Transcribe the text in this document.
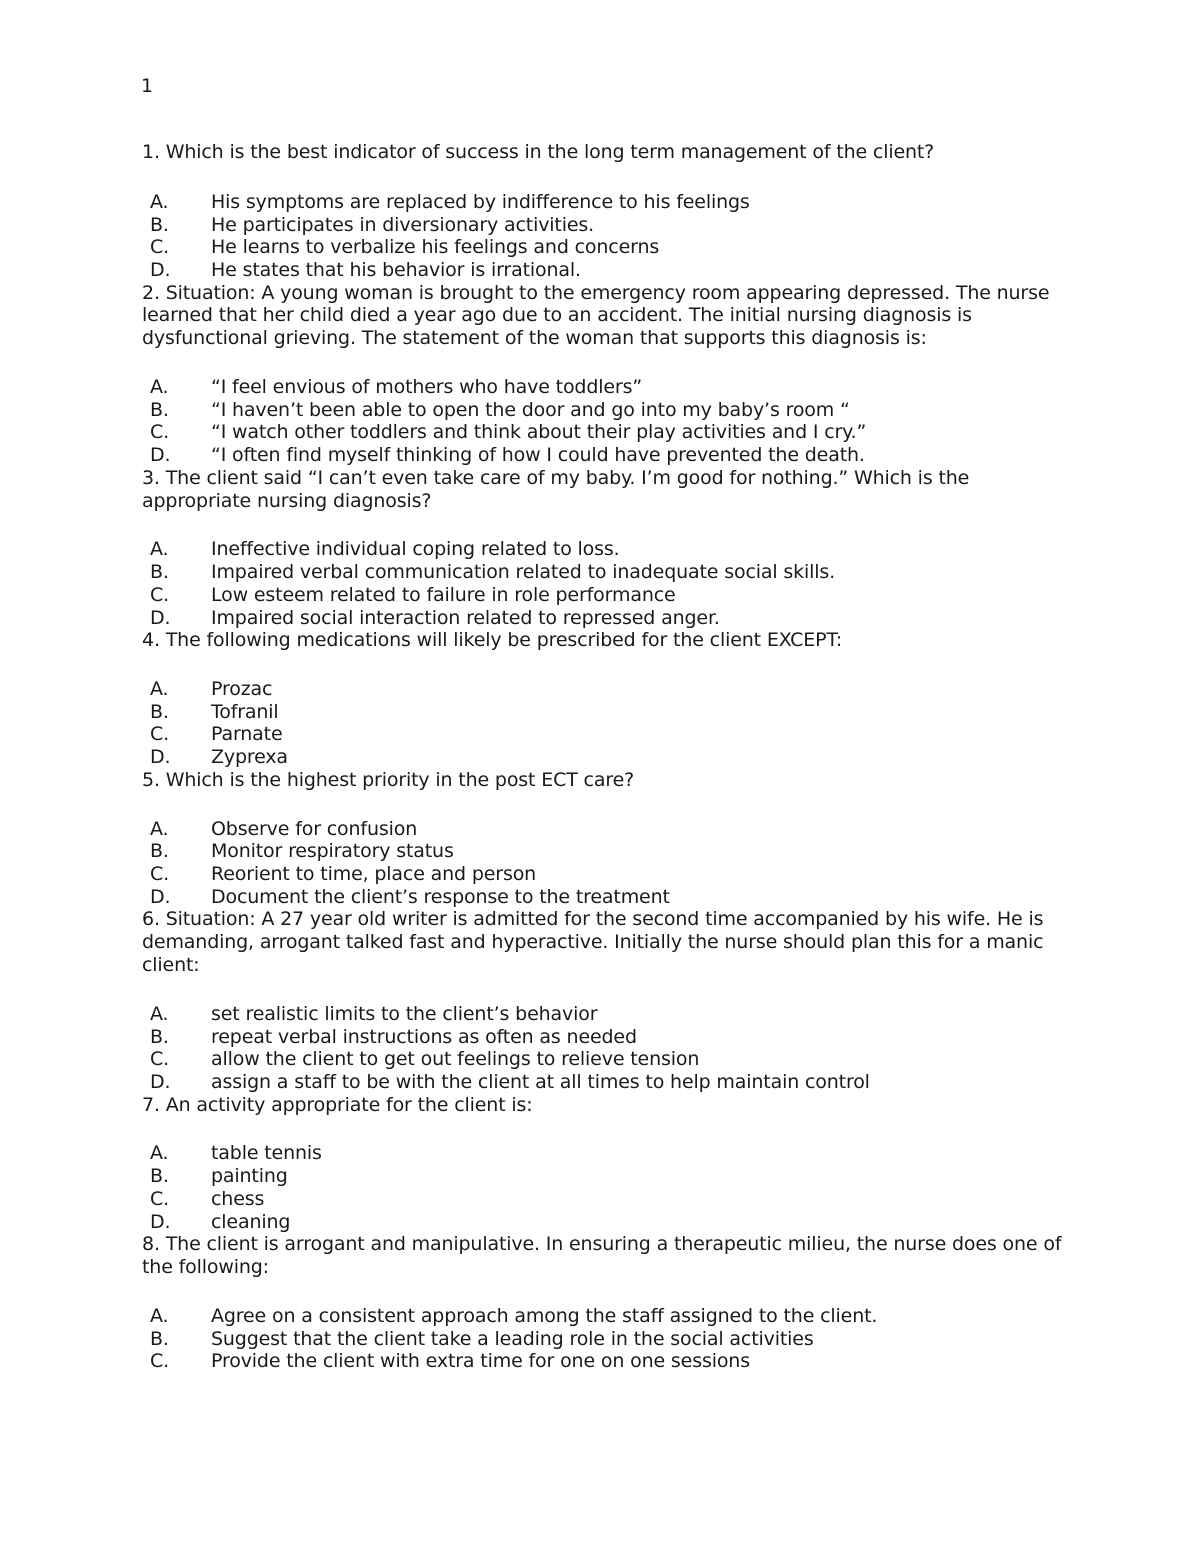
1
1. Which is the best indicator of success in the long term management of the client?
A.	His symptoms are replaced by indifference to his feelings
B.	He participates in diversionary activities.
C.	He learns to verbalize his feelings and concerns
D.	He states that his behavior is irrational.
2. Situation: A young woman is brought to the emergency room appearing depressed. The nurse learned that her child died a year ago due to an accident. The initial nursing diagnosis is dysfunctional grieving. The statement of the woman that supports this diagnosis is:
A.	“I feel envious of mothers who have toddlers”
B.	“I haven’t been able to open the door and go into my baby’s room “
C.	“I watch other toddlers and think about their play activities and I cry.”
D.	“I often find myself thinking of how I could have prevented the death.
3. The client said “I can’t even take care of my baby. I’m good for nothing.” Which is the appropriate nursing diagnosis?
A.	Ineffective individual coping related to loss.
B.	Impaired verbal communication related to inadequate social skills.
C.	Low esteem related to failure in role performance
D.	Impaired social interaction related to repressed anger.
4. The following medications will likely be prescribed for the client EXCEPT:
A.	Prozac
B.	Tofranil
C.	Parnate
D.	Zyprexa
5. Which is the highest priority in the post ECT care?
A.	Observe for confusion
B.	Monitor respiratory status
C.	Reorient to time, place and person
D.	Document the client’s response to the treatment
6. Situation: A 27 year old writer is admitted for the second time accompanied by his wife. He is demanding, arrogant talked fast and hyperactive. Initially the nurse should plan this for a manic client:
A.	set realistic limits to the client’s behavior
B.	repeat verbal instructions as often as needed
C.	allow the client to get out feelings to relieve tension
D.	assign a staff to be with the client at all times to help maintain control
7. An activity appropriate for the client is:
A.	table tennis
B.	painting
C.	chess
D.	cleaning
8. The client is arrogant and manipulative. In ensuring a therapeutic milieu, the nurse does one of the following:
A.	Agree on a consistent approach among the staff assigned to the client.
B.	Suggest that the client take a leading role in the social activities
C.	Provide the client with extra time for one on one sessions
